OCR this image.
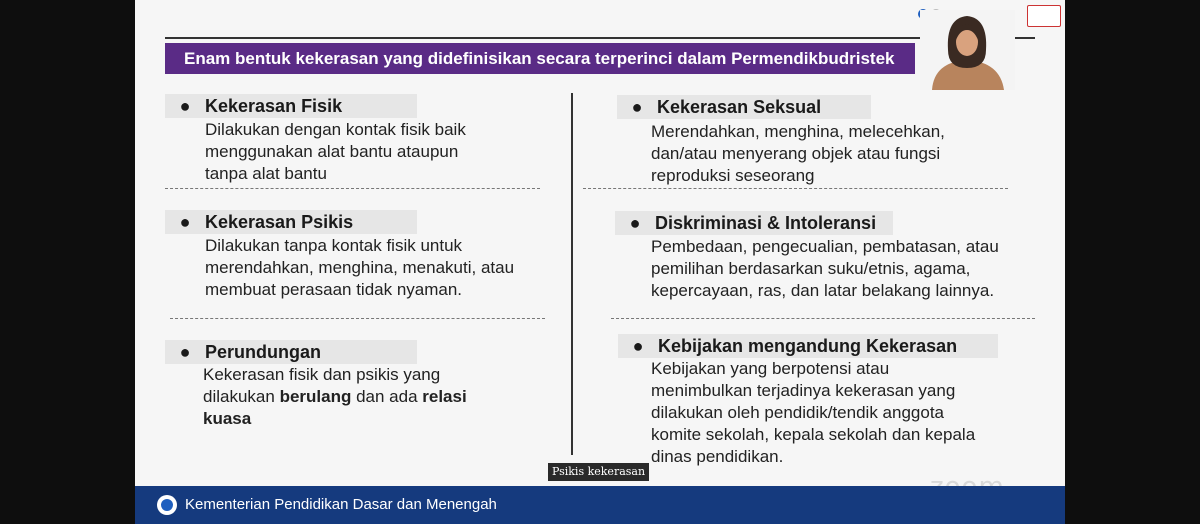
Enam bentuk kekerasan yang didefinisikan secara terperinci dalam Permendikbudristek
● Kekerasan Fisik
Dilakukan dengan kontak fisik baik
menggunakan alat bantu ataupun
tanpa alat bantu
● Kekerasan Psikis
Dilakukan tanpa kontak fisik untuk
merendahkan, menghina, menakuti, atau
membuat perasaan tidak nyaman.
● Perundungan
Kekerasan fisik dan psikis yang
dilakukan berulang dan ada relasi
kuasa
● Kekerasan Seksual
Merendahkan, menghina, melecehkan,
dan/atau menyerang objek atau fungsi
reproduksi seseorang
● Diskriminasi & Intoleransi
Pembedaan, pengecualian, pembatasan, atau
pemilihan berdasarkan suku/etnis, agama,
kepercayaan, ras, dan latar belakang lainnya.
● Kebijakan mengandung Kekerasan
Kebijakan yang berpotensi atau
menimbulkan terjadinya kekerasan yang
dilakukan oleh pendidik/tendik anggota
komite sekolah, kepala sekolah dan kepala
dinas pendidikan.
Psikis kekerasan
Kementerian Pendidikan Dasar dan Menengah
